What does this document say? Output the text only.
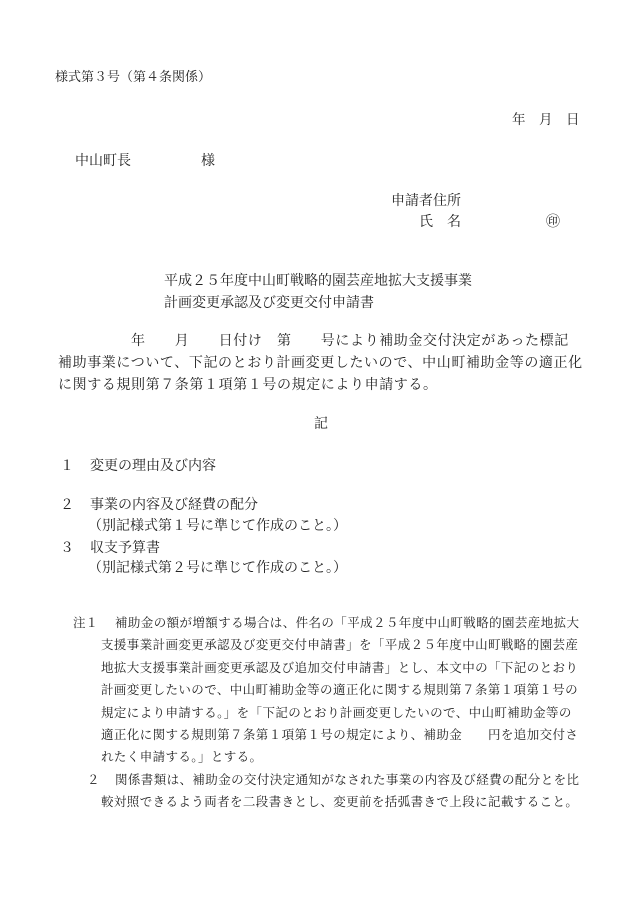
様式第３号（第４条関係）
年　月　日
中山町長　　　　　様
申請者住所
氏　名	㊞
平成２５年度中山町戦略的園芸産地拡大支援事業
計画変更承認及び変更交付申請書

　　　　　年　　月　　日付け　第　　号により補助金交付決定があった標記

補助事業について、下記のとおり計画変更したいので、中山町補助金等の適正化

に関する規則第７条第１項第１号の規定により申請する。

記
１ 変更の理由及び内容
２ 事業の内容及び経費の配分
（別記様式第１号に準じて作成のこと。）
３ 収支予算書
（別記様式第２号に準じて作成のこと。）
注１ 補助金の額が増額する場合は、件名の「平成２５年度中山町戦略的園芸産地拡大
支援事業計画変更承認及び変更交付申請書」を「平成２５年度中山町戦略的園芸産
地拡大支援事業計画変更承認及び追加交付申請書」とし、本文中の「下記のとおり
計画変更したいので、中山町補助金等の適正化に関する規則第７条第１項第１号の
規定により申請する。」を「下記のとおり計画変更したいので、中山町補助金等の
適正化に関する規則第７条第１項第１号の規定により、補助金　　円を追加交付さ
れたく申請する。」とする。
２ 関係書類は、補助金の交付決定通知がなされた事業の内容及び経費の配分とを比
較対照できるよう両者を二段書きとし、変更前を括弧書きで上段に記載すること。
